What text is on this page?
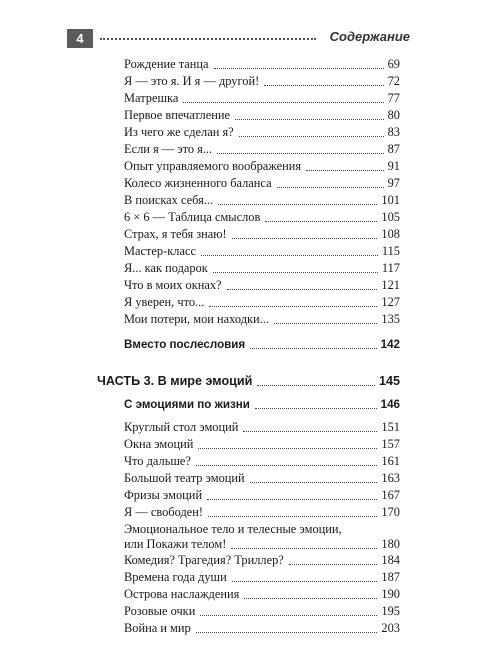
4	Содержание
Рождение танца	69
Я — это я. И я — другой!	72
Матрешка	77
Первое впечатление	80
Из чего же сделан я?	83
Если я — это я...	87
Опыт управляемого воображения	91
Колесо жизненного баланса	97
В поисках себя...	101
6 × 6 — Таблица смыслов	105
Страх, я тебя знаю!	108
Мастер-класс	115
Я... как подарок	117
Что в моих окнах?	121
Я уверен, что...	127
Мои потери, мои находки...	135
Вместо послесловия	142
ЧАСТЬ 3. В мире эмоций	145
С эмоциями по жизни	146
Круглый стол эмоций	151
Окна эмоций	157
Что дальше?	161
Большой театр эмоций	163
Фризы эмоций	167
Я — свободен!	170
Эмоциональное тело и телесные эмоции,
или Покажи телом!	180
Комедия? Трагедия? Триллер?	184
Времена года души	187
Острова наслаждения	190
Розовые очки	195
Война и мир	203
